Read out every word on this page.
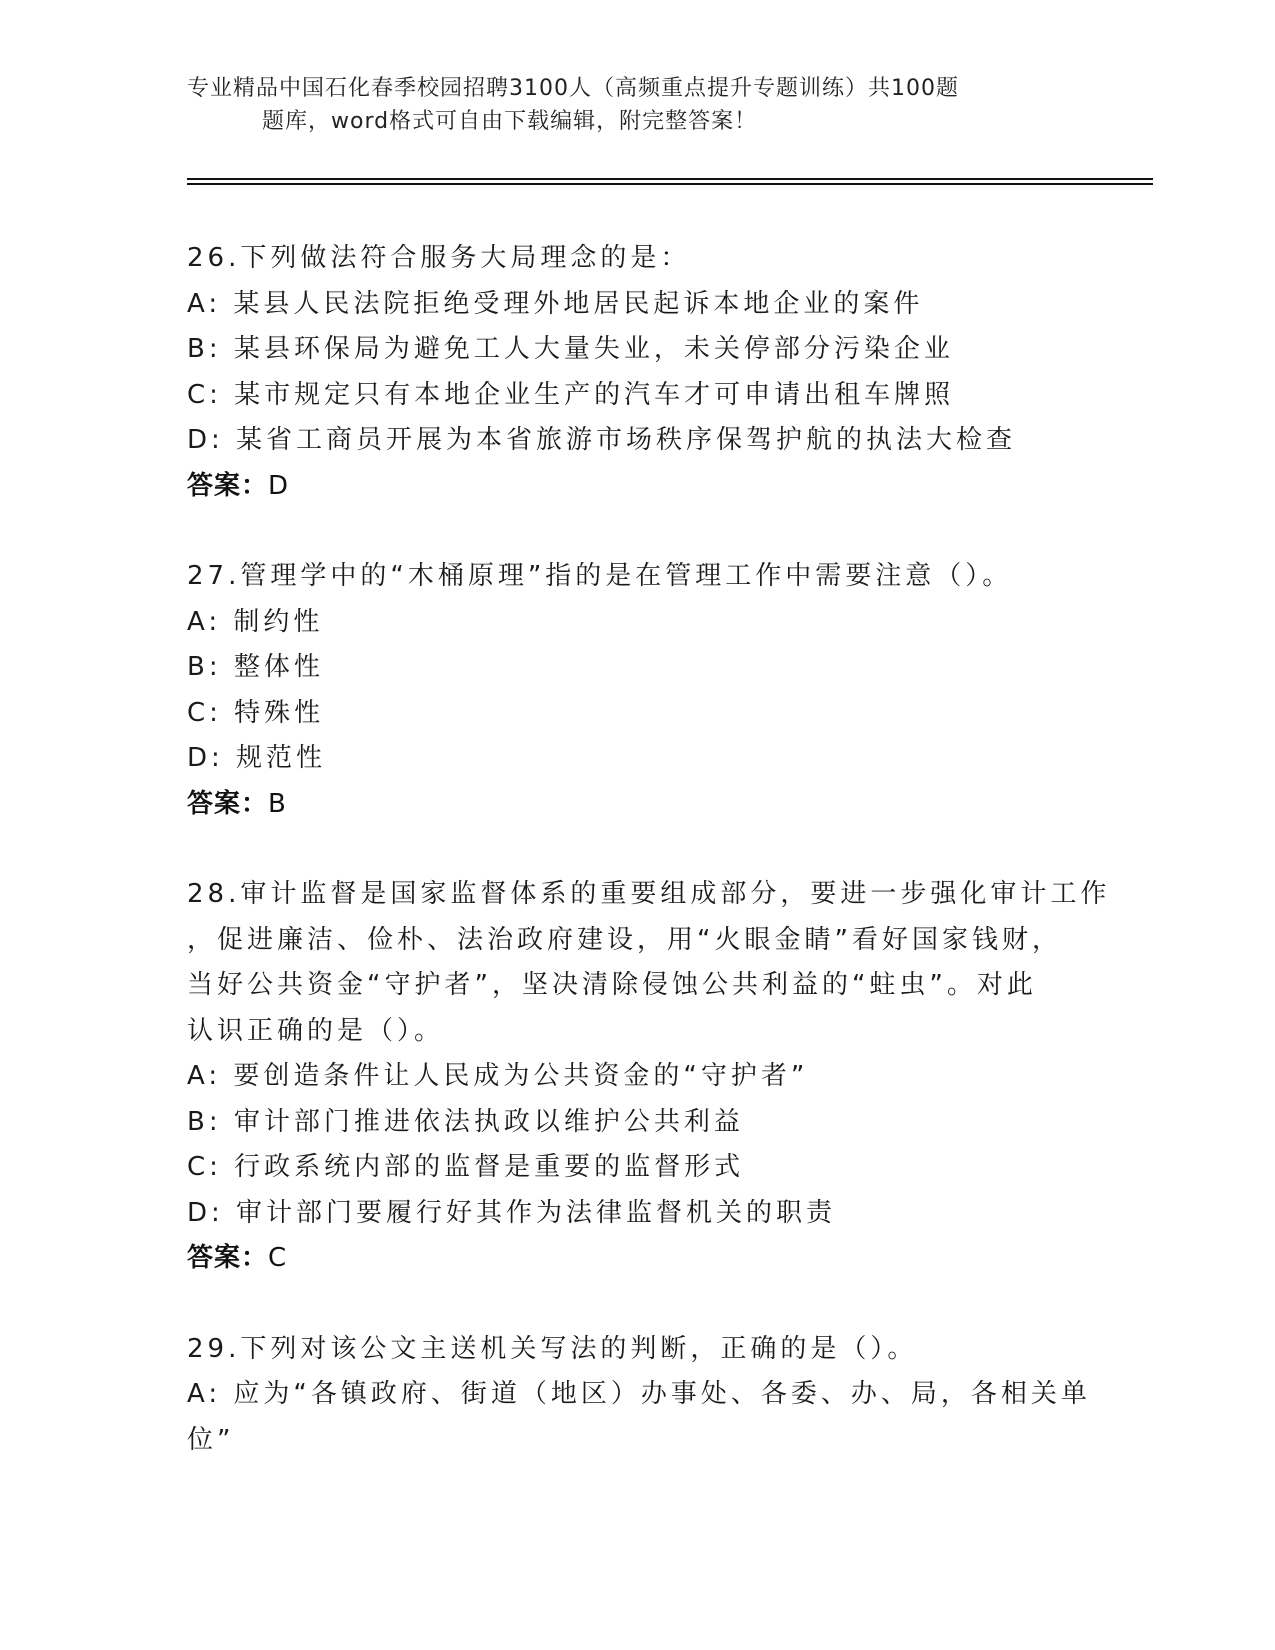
专业精品中国石化春季校园招聘3100人（高频重点提升专题训练）共100题
题库，word格式可自由下载编辑，附完整答案！
26.下列做法符合服务大局理念的是：
A: 某县人民法院拒绝受理外地居民起诉本地企业的案件
B: 某县环保局为避免工人大量失业，未关停部分污染企业
C: 某市规定只有本地企业生产的汽车才可申请出租车牌照
D: 某省工商员开展为本省旅游市场秩序保驾护航的执法大检查
答案：D
27.管理学中的“木桶原理”指的是在管理工作中需要注意（）。
A: 制约性
B: 整体性
C: 特殊性
D: 规范性
答案：B
28.审计监督是国家监督体系的重要组成部分，要进一步强化审计工作
，促进廉洁、俭朴、法治政府建设，用“火眼金睛”看好国家钱财，
当好公共资金“守护者”，坚决清除侵蚀公共利益的“蛀虫”。对此
认识正确的是（）。
A: 要创造条件让人民成为公共资金的“守护者”
B: 审计部门推进依法执政以维护公共利益
C: 行政系统内部的监督是重要的监督形式
D: 审计部门要履行好其作为法律监督机关的职责
答案：C
29.下列对该公文主送机关写法的判断，正确的是（）。
A: 应为“各镇政府、街道（地区）办事处、各委、办、局，各相关单
位”
